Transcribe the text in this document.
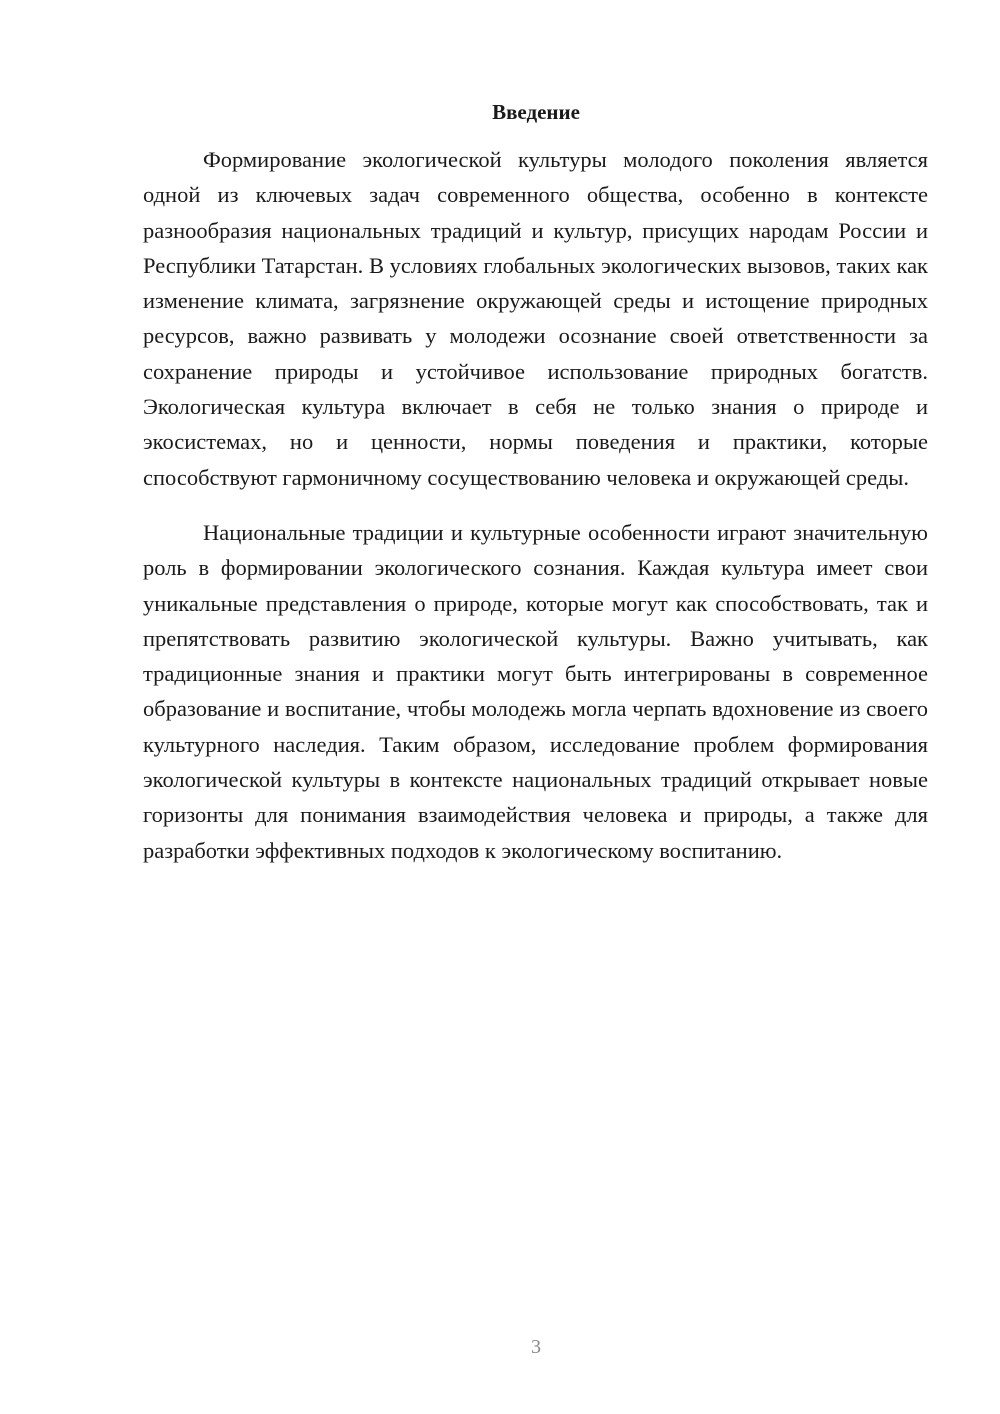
Введение

Формирование экологической культуры молодого поколения является одной из ключевых задач современного общества, особенно в контексте разнообразия национальных традиций и культур, присущих народам России и Республики Татарстан. В условиях глобальных экологических вызовов, таких как изменение климата, загрязнение окружающей среды и истощение природных ресурсов, важно развивать у молодежи осознание своей ответственности за сохранение природы и устойчивое использование природных богатств. Экологическая культура включает в себя не только знания о природе и экосистемах, но и ценности, нормы поведения и практики, которые способствуют гармоничному сосуществованию человека и окружающей среды.

Национальные традиции и культурные особенности играют значительную роль в формировании экологического сознания. Каждая культура имеет свои уникальные представления о природе, которые могут как способствовать, так и препятствовать развитию экологической культуры. Важно учитывать, как традиционные знания и практики могут быть интегрированы в современное образование и воспитание, чтобы молодежь могла черпать вдохновение из своего культурного наследия. Таким образом, исследование проблем формирования экологической культуры в контексте национальных традиций открывает новые горизонты для понимания взаимодействия человека и природы, а также для разработки эффективных подходов к экологическому воспитанию.

3
